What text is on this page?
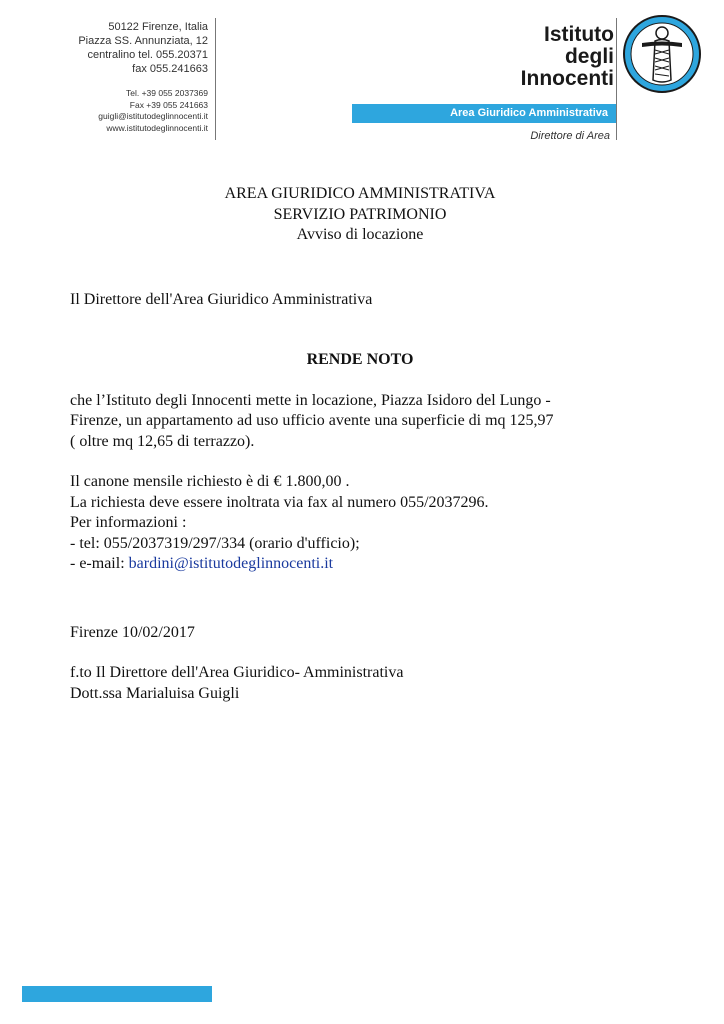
50122 Firenze, Italia
Piazza SS. Annunziata, 12
centralino tel. 055.20371
fax 055.241663
Tel. +39 055 2037369
Fax +39 055 241663
guigli@istitutodeglinnocenti.it
www.istitutodeglinnocenti.it
Istituto
degli
Innocenti
Area Giuridico Amministrativa
Direttore di Area
AREA GIURIDICO AMMINISTRATIVA
SERVIZIO PATRIMONIO
Avviso di locazione

Il Direttore dell'Area Giuridico Amministrativa

RENDE NOTO

che l’Istituto degli Innocenti mette in locazione, Piazza Isidoro del Lungo -
Firenze, un appartamento ad uso ufficio avente una superficie di mq 125,97
( oltre mq 12,65 di terrazzo).
Il canone mensile richiesto è di € 1.800,00 .
La richiesta deve essere inoltrata via fax al numero 055/2037296.
Per informazioni :
- tel: 055/2037319/297/334 (orario d'ufficio);
- e-mail: bardini@istitutodeglinnocenti.it

Firenze 10/02/2017

f.to Il Direttore dell'Area Giuridico- Amministrativa
Dott.ssa Marialuisa Guigli
